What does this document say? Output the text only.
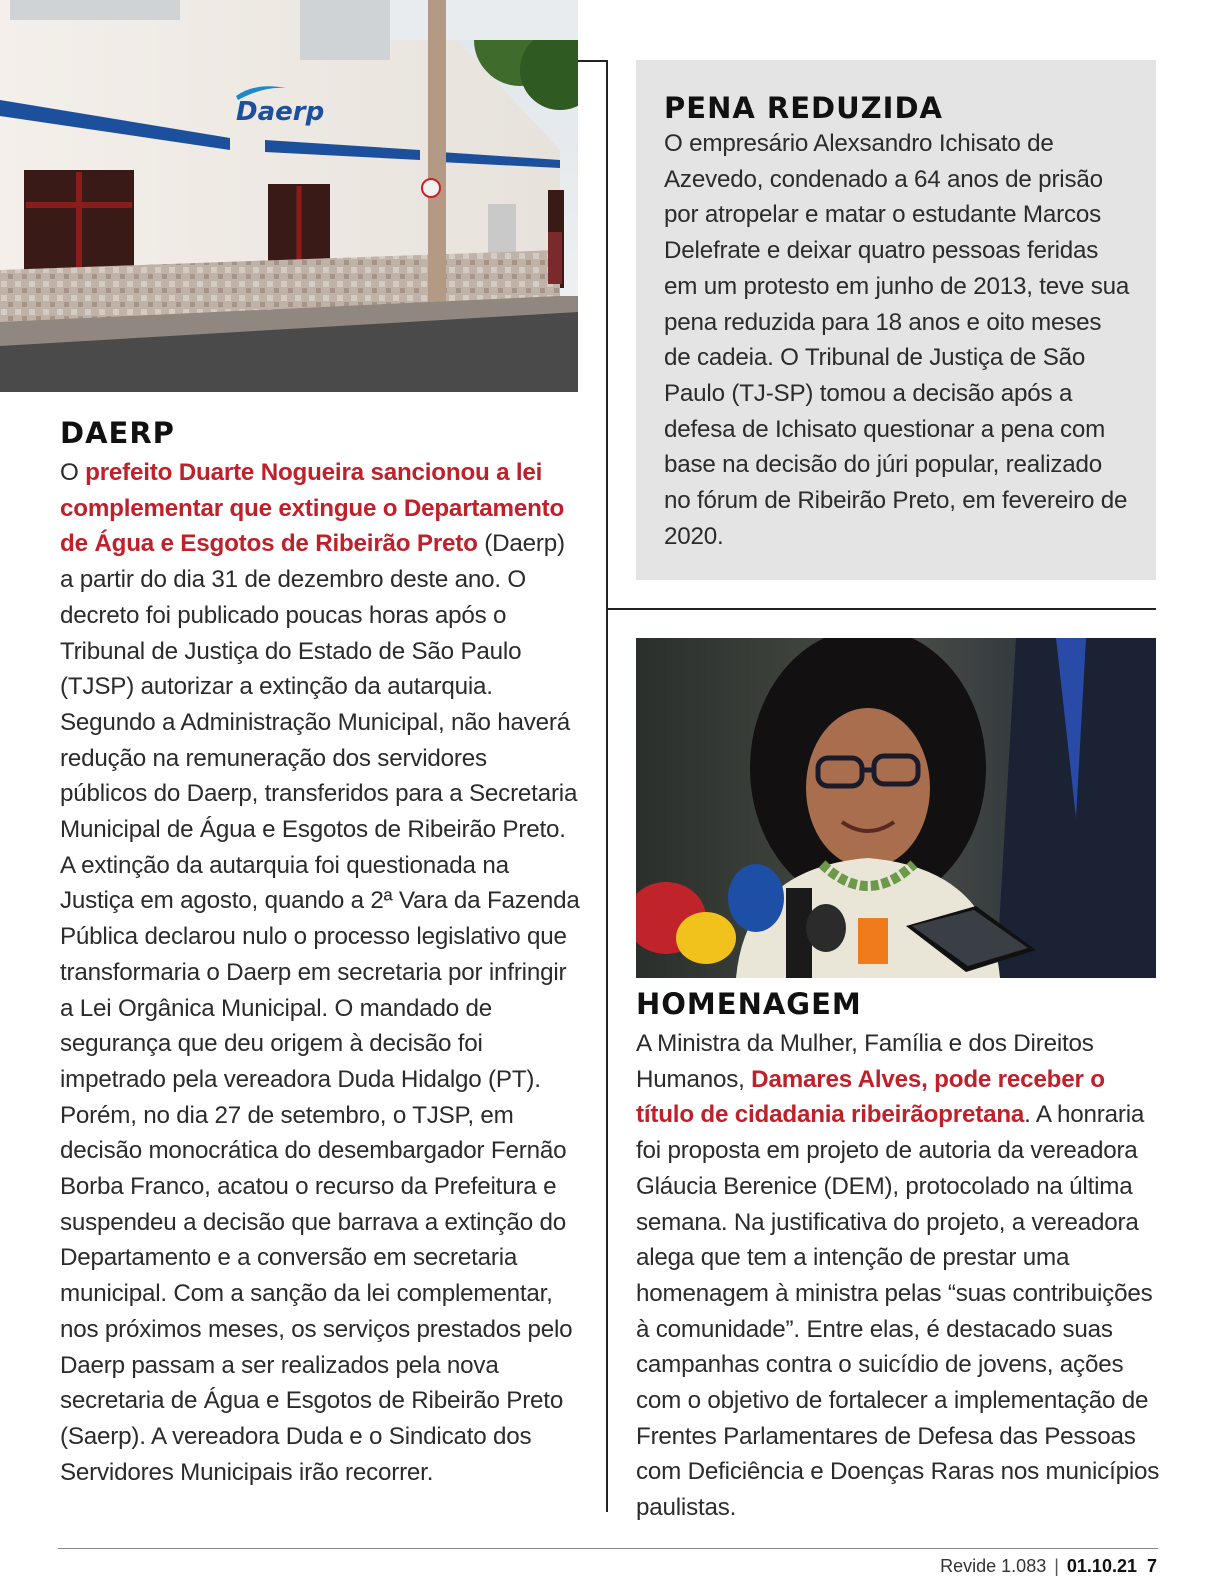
Daerp	PENA REDUZIDA

O empresário Alexsandro Ichisato de Azevedo, condenado a 64 anos de prisão por atropelar e matar o estudante Marcos Delefrate e deixar quatro pessoas feridas em um protesto em junho de 2013, teve sua pena reduzida para 18 anos e oito meses de cadeia. O Tribunal de Justiça de São Paulo (TJ-SP) tomou a decisão após a defesa de Ichisato questionar a pena com base na decisão do júri popular, realizado no fórum de Ribeirão Preto, em fevereiro de 2020.

DAERP

O prefeito Duarte Nogueira sancionou a lei complementar que extingue o Departamento de Água e Esgotos de Ribeirão Preto (Daerp) a partir do dia 31 de dezembro deste ano. O decreto foi publicado poucas horas após o Tribunal de Justiça do Estado de São Paulo (TJSP) autorizar a extinção da autarquia. Segundo a Administração Municipal, não haverá redução na remuneração dos servidores públicos do Daerp, transferidos para a Secretaria Municipal de Água e Esgotos de Ribeirão Preto. A extinção da autarquia foi questionada na Justiça em agosto, quando a 2ª Vara da Fazenda Pública declarou nulo o processo legislativo que transformaria o Daerp em secretaria por infringir a Lei Orgânica Municipal. O mandado de segurança que deu origem à decisão foi impetrado pela vereadora Duda Hidalgo (PT). Porém, no dia 27 de setembro, o TJSP, em decisão monocrática do desembargador Fernão Borba Franco, acatou o recurso da Prefeitura e suspendeu a decisão que barrava a extinção do Departamento e a conversão em secretaria municipal. Com a sanção da lei complementar, nos próximos meses, os serviços prestados pelo Daerp passam a ser realizados pela nova secretaria de Água e Esgotos de Ribeirão Preto (Saerp). A vereadora Duda e o Sindicato dos Servidores Municipais irão recorrer.

HOMENAGEM

A Ministra da Mulher, Família e dos Direitos Humanos, Damares Alves, pode receber o título de cidadania ribeirãopretana. A honraria foi proposta em projeto de autoria da vereadora Gláucia Berenice (DEM), protocolado na última semana. Na justificativa do projeto, a vereadora alega que tem a intenção de prestar uma homenagem à ministra pelas “suas contribuições à comunidade”. Entre elas, é destacado suas campanhas contra o suicídio de jovens, ações com o objetivo de fortalecer a implementação de Frentes Parlamentares de Defesa das Pessoas com Deficiência e Doenças Raras nos municípios paulistas.

Revide 1.083 | 01.10.21 7
